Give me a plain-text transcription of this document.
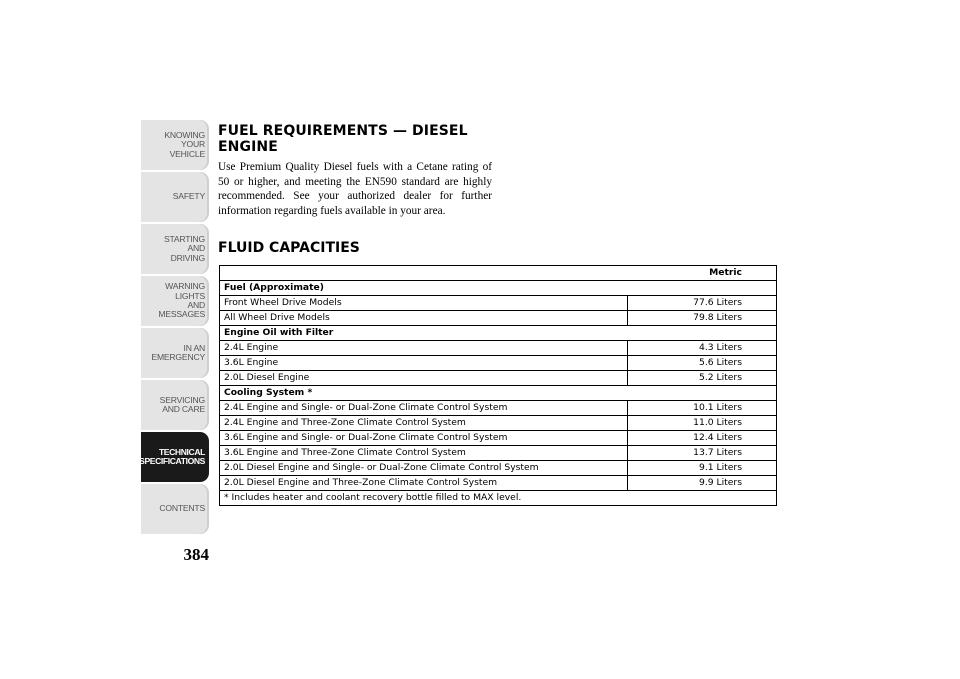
KNOWING
YOUR
VEHICLE
SAFETY
STARTING
AND
DRIVING
WARNING
LIGHTS
AND
MESSAGES
IN AN
EMERGENCY
SERVICING
AND CARE
TECHNICAL
SPECIFICATIONS
CONTENTS
384
FUEL REQUIREMENTS — DIESEL ENGINE

Use Premium Quality Diesel fuels with a Cetane rating of 50 or higher, and meeting the EN590 standard are highly recommended. See your authorized dealer for further information regarding fuels available in your area.

FLUID CAPACITIES
Metric	
Fuel (Approximate)	
Front Wheel Drive Models	77.6 Liters
All Wheel Drive Models	79.8 Liters
Engine Oil with Filter	
2.4L Engine	4.3 Liters
3.6L Engine	5.6 Liters
2.0L Diesel Engine	5.2 Liters
Cooling System *	
2.4L Engine and Single- or Dual-Zone Climate Control System	10.1 Liters
2.4L Engine and Three-Zone Climate Control System	11.0 Liters
3.6L Engine and Single- or Dual-Zone Climate Control System	12.4 Liters
3.6L Engine and Three-Zone Climate Control System	13.7 Liters
2.0L Diesel Engine and Single- or Dual-Zone Climate Control System	9.1 Liters
2.0L Diesel Engine and Three-Zone Climate Control System	9.9 Liters
* Includes heater and coolant recovery bottle filled to MAX level.	
